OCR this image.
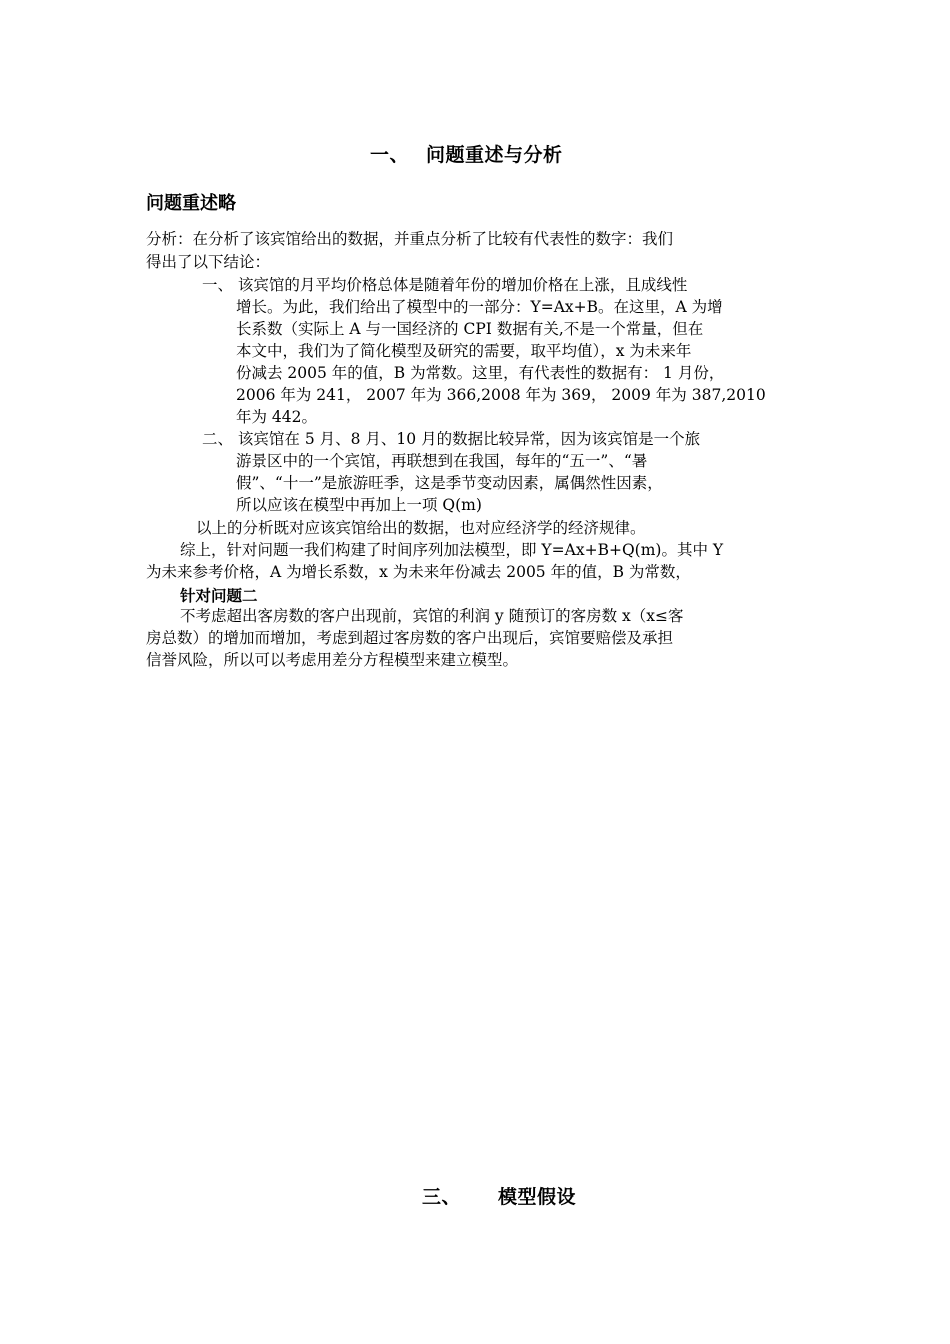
一、 问题重述与分析
问题重述略
分析：在分析了该宾馆给出的数据，并重点分析了比较有代表性的数字：我们
得出了以下结论：
一、 该宾馆的月平均价格总体是随着年份的增加价格在上涨，且成线性
增长。为此，我们给出了模型中的一部分：Y=Ax+B。在这里，A 为增
长系数（实际上 A 与一国经济的 CPI 数据有关,不是一个常量，但在
本文中，我们为了简化模型及研究的需要，取平均值），x 为未来年
份减去 2005 年的值，B 为常数。这里，有代表性的数据有： 1 月份，
2006 年为 241， 2007 年为 366,2008 年为 369， 2009 年为 387,2010
年为 442。
二、 该宾馆在 5 月、8 月、10 月的数据比较异常，因为该宾馆是一个旅
游景区中的一个宾馆，再联想到在我国，每年的“五一”、“暑
假”、“十一”是旅游旺季，这是季节变动因素，属偶然性因素，
所以应该在模型中再加上一项 Q(m)
以上的分析既对应该宾馆给出的数据，也对应经济学的经济规律。
综上，针对问题一我们构建了时间序列加法模型，即 Y=Ax+B+Q(m)。其中 Y
为未来参考价格，A 为增长系数，x 为未来年份减去 2005 年的值，B 为常数，
针对问题二
不考虑超出客房数的客户出现前，宾馆的利润 y 随预订的客房数 x（x≤客
房总数）的增加而增加，考虑到超过客房数的客户出现后，宾馆要赔偿及承担
信誉风险，所以可以考虑用差分方程模型来建立模型。
三、 模型假设
